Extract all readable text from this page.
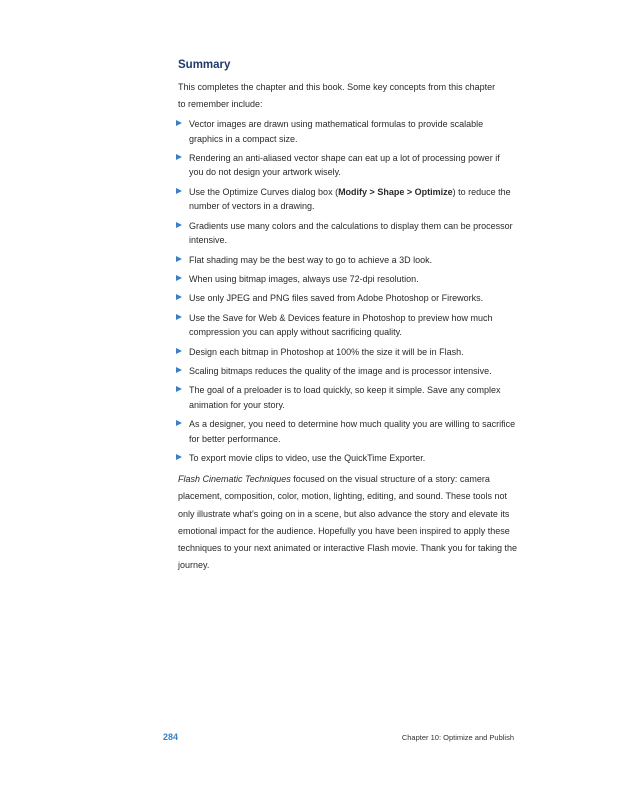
Summary

This completes the chapter and this book. Some key concepts from this chapter to remember include:

Vector images are drawn using mathematical formulas to provide scalable graphics in a compact size.
Rendering an anti-aliased vector shape can eat up a lot of processing power if you do not design your artwork wisely.
Use the Optimize Curves dialog box (Modify > Shape > Optimize) to reduce the number of vectors in a drawing.
Gradients use many colors and the calculations to display them can be processor intensive.
Flat shading may be the best way to go to achieve a 3D look.
When using bitmap images, always use 72-dpi resolution.
Use only JPEG and PNG files saved from Adobe Photoshop or Fireworks.
Use the Save for Web & Devices feature in Photoshop to preview how much compression you can apply without sacrificing quality.
Design each bitmap in Photoshop at 100% the size it will be in Flash.
Scaling bitmaps reduces the quality of the image and is processor intensive.
The goal of a preloader is to load quickly, so keep it simple. Save any complex animation for your story.
As a designer, you need to determine how much quality you are willing to sacrifice for better performance.
To export movie clips to video, use the QuickTime Exporter.

Flash Cinematic Techniques focused on the visual structure of a story: camera placement, composition, color, motion, lighting, editing, and sound. These tools not only illustrate what's going on in a scene, but also advance the story and elevate its emotional impact for the audience. Hopefully you have been inspired to apply these techniques to your next animated or interactive Flash movie. Thank you for taking the journey.

284	Chapter 10: Optimize and Publish
